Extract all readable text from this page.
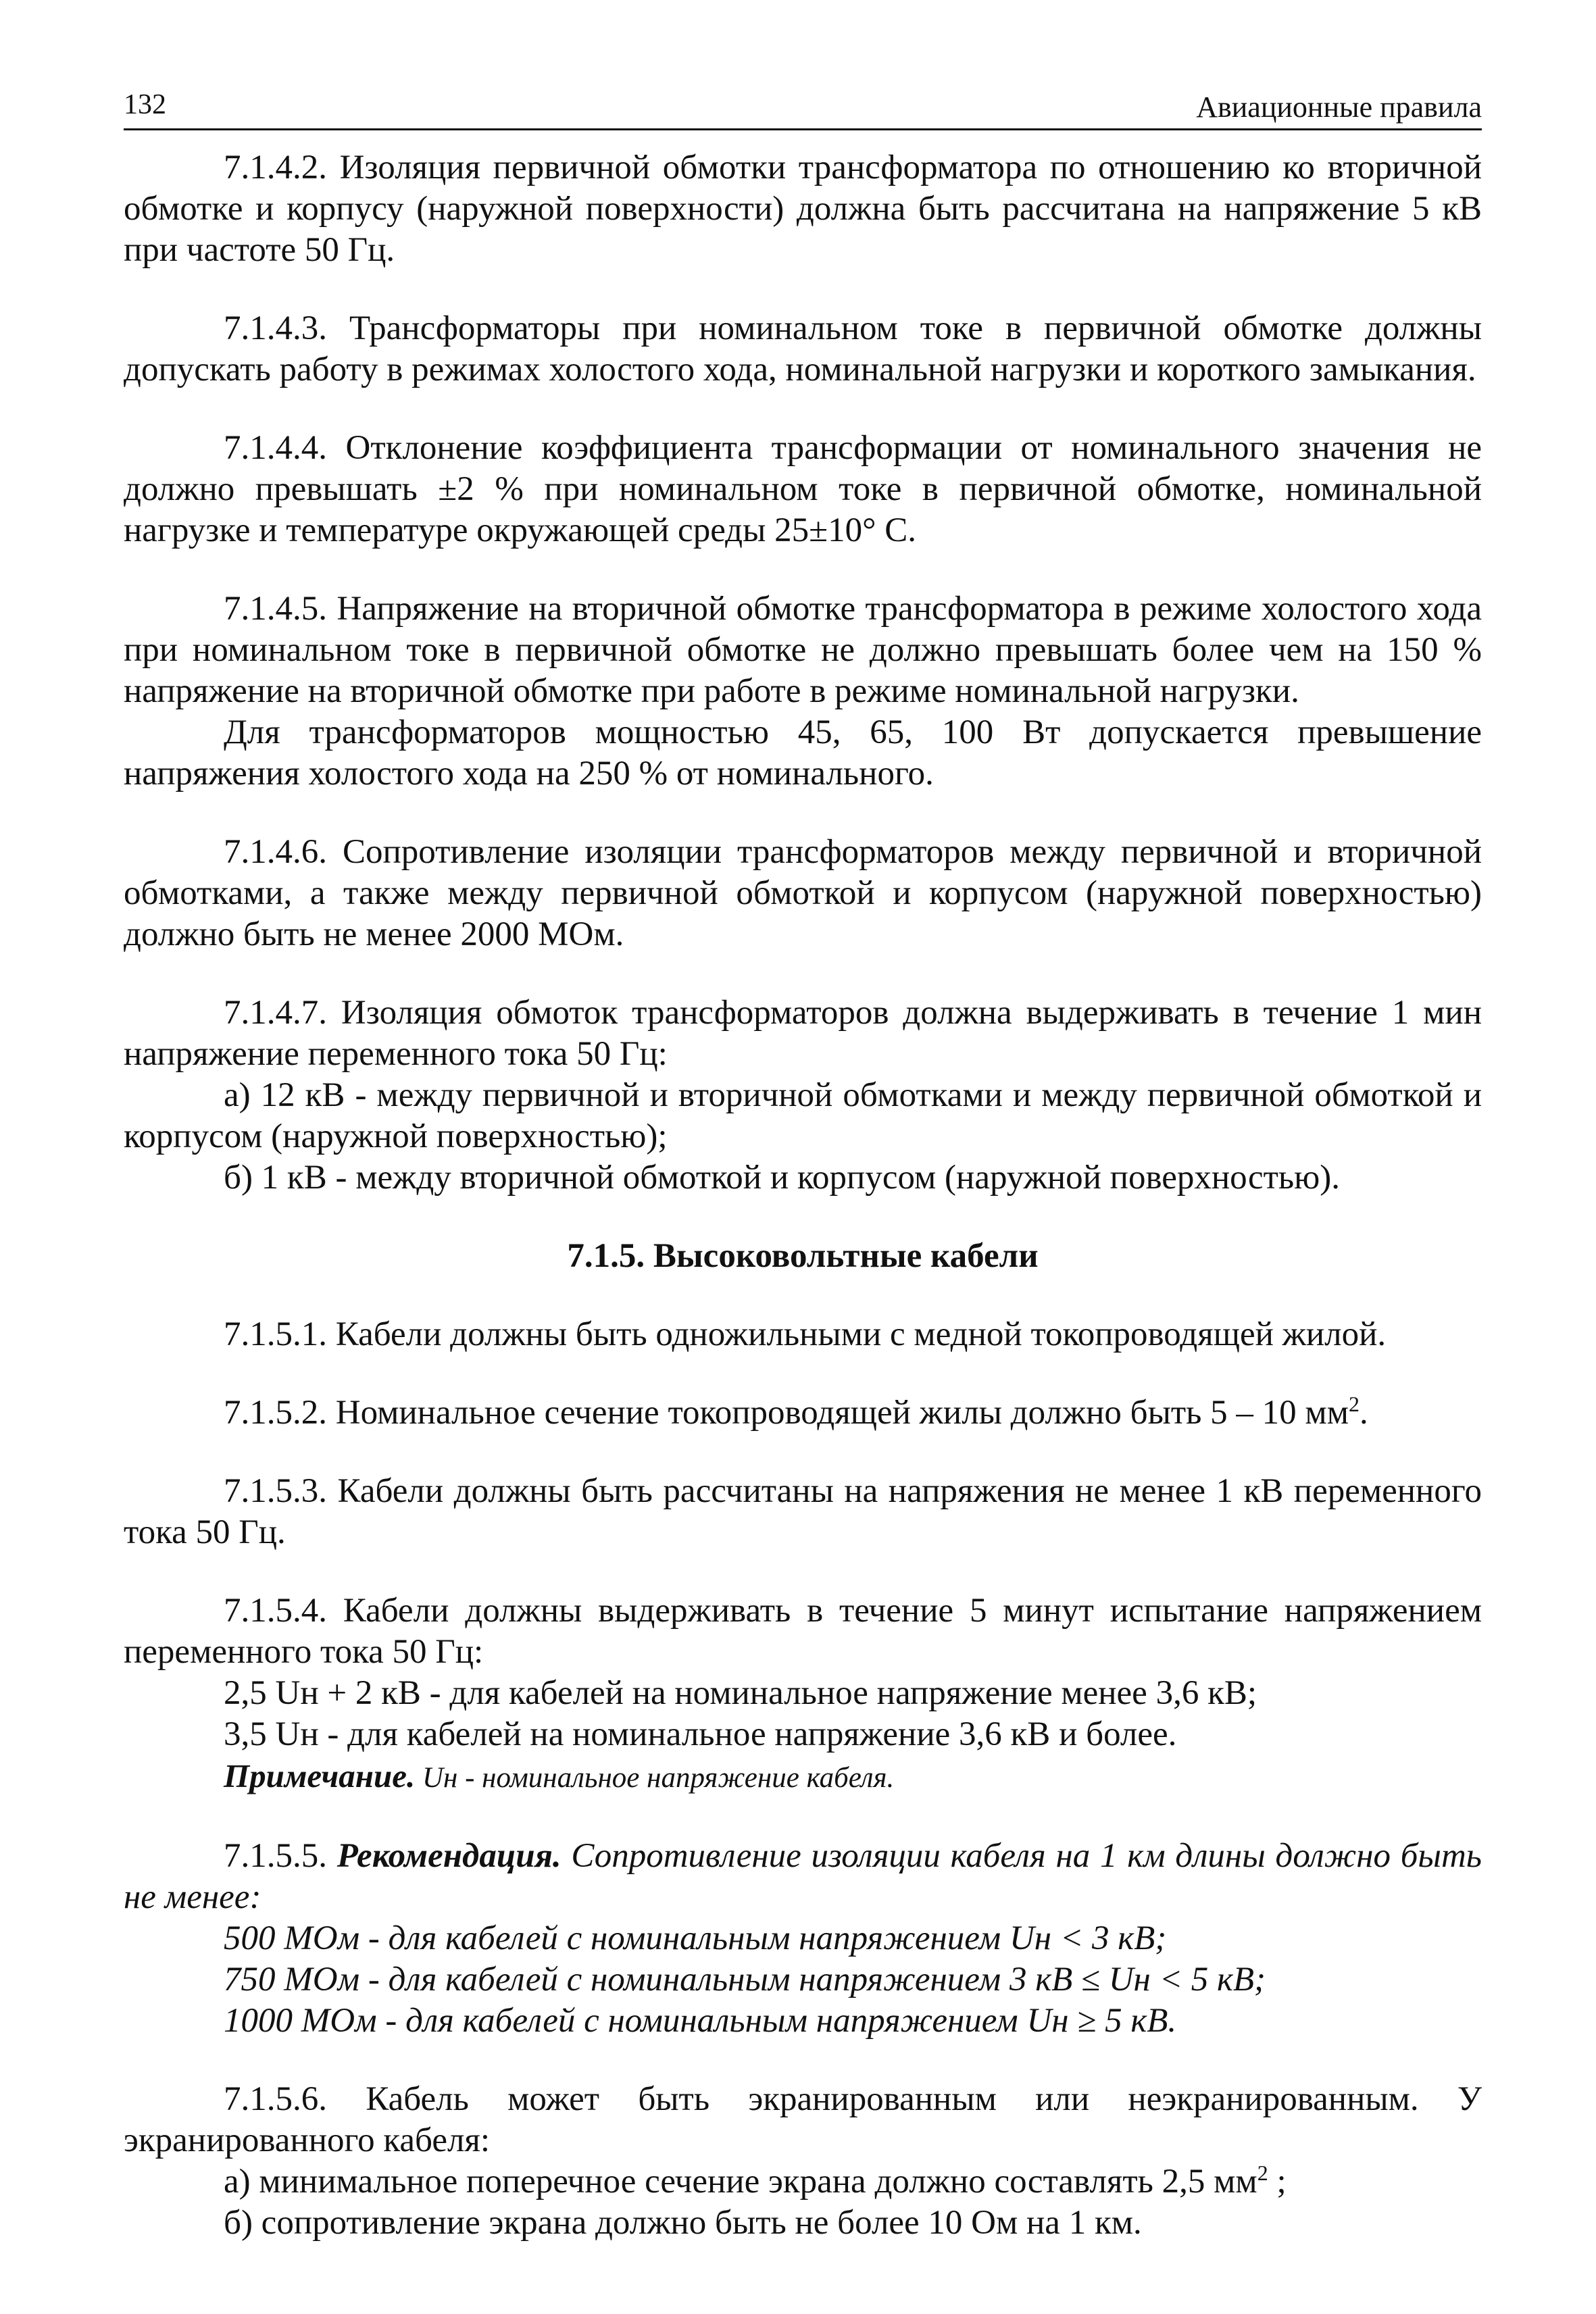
132	Авиационные правила

7.1.4.2. Изоляция первичной обмотки трансформатора по отношению ко вторичной обмотке и корпусу (наружной поверхности) должна быть рассчитана на напряжение 5 кВ при частоте 50 Гц.

7.1.4.3. Трансформаторы при номинальном токе в первичной обмотке должны допускать работу в режимах холостого хода, номинальной нагрузки и короткого замыкания.

7.1.4.4. Отклонение коэффициента трансформации от номинального значения не должно превышать ±2 % при номинальном токе в первичной обмотке, номинальной нагрузке и температуре окружающей среды 25±10° С.

7.1.4.5. Напряжение на вторичной обмотке трансформатора в режиме холостого хода при номинальном токе в первичной обмотке не должно превышать более чем на 150 % напряжение на вторичной обмотке при работе в режиме номинальной нагрузки.

Для трансформаторов мощностью 45, 65, 100 Вт допускается превышение напряжения холостого хода на 250 % от номинального.

7.1.4.6. Сопротивление изоляции трансформаторов между первичной и вторичной обмотками, а также между первичной обмоткой и корпусом (наружной поверхностью) должно быть не менее 2000 МОм.

7.1.4.7. Изоляция обмоток трансформаторов должна выдерживать в течение 1 мин напряжение переменного тока 50 Гц:

а) 12 кВ - между первичной и вторичной обмотками и между первичной обмоткой и корпусом (наружной поверхностью);

б) 1 кВ - между вторичной обмоткой и корпусом (наружной поверхностью).

7.1.5. Высоковольтные кабели

7.1.5.1. Кабели должны быть одножильными с медной токопроводящей жилой.

7.1.5.2. Номинальное сечение токопроводящей жилы должно быть 5 – 10 $мм^2$.

7.1.5.3. Кабели должны быть рассчитаны на напряжения не менее 1 кВ переменного тока 50 Гц.

7.1.5.4. Кабели должны выдерживать в течение 5 минут испытание напряжением переменного тока 50 Гц:

2,5 Uн + 2 кВ - для кабелей на номинальное напряжение менее 3,6 кВ;

3,5 Uн - для кабелей на номинальное напряжение 3,6 кВ и более.

Примечание. Uн - номинальное напряжение кабеля.

7.1.5.5. Рекомендация. Сопротивление изоляции кабеля на 1 км длины должно быть не менее:

500 МОм - для кабелей с номинальным напряжением Uн < 3 кВ;
750 МОм - для кабелей с номинальным напряжением 3 кВ ≤ Uн < 5 кВ;
1000 МОм - для кабелей с номинальным напряжением Uн ≥ 5 кВ.

7.1.5.6. Кабель может быть экранированным или неэкранированным. У экранированного кабеля:

а) минимальное поперечное сечение экрана должно составлять 2,5 $мм^2$ ;

б) сопротивление экрана должно быть не более 10 Ом на 1 км.
